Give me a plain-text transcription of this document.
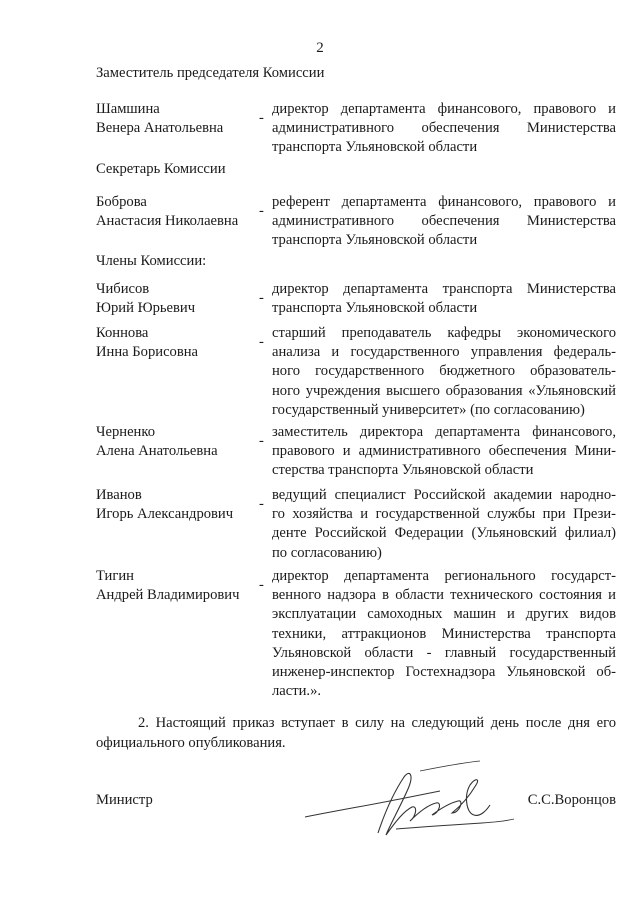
2
Заместитель председателя Комиссии
Шамшина
Венера Анатольевна
-
директор департамента финансового, правового и
административного обеспечения Министерства
транспорта Ульяновской области
Секретарь Комиссии
Боброва
Анастасия Николаевна
-
референт департамента финансового, правового и
административного обеспечения Министерства
транспорта Ульяновской области
Члены Комиссии:
Чибисов
Юрий Юрьевич
-
директор департамента транспорта Министерства
транспорта Ульяновской области
Коннова
Инна Борисовна
-
старший преподаватель кафедры экономического
анализа и государственного управления федераль-
ного государственного бюджетного образователь-
ного учреждения высшего образования «Ульяновский
государственный университет» (по согласованию)
Черненко
Алена Анатольевна
-
заместитель директора департамента финансового,
правового и административного обеспечения Мини-
стерства транспорта Ульяновской области
Иванов
Игорь Александрович
-
ведущий специалист Российской академии народно-
го хозяйства и государственной службы при Прези-
денте Российской Федерации (Ульяновский филиал)
по согласованию)
Тигин
Андрей Владимирович
-
директор департамента регионального государст-
венного надзора в области технического состояния и
эксплуатации самоходных машин и других видов
техники, аттракционов Министерства транспорта
Ульяновской области - главный государственный
инженер-инспектор Гостехнадзора Ульяновской об-
ласти.».
2. Настоящий приказ вступает в силу на следующий день после дня его
официального опубликования.
Министр	С.С.Воронцов
